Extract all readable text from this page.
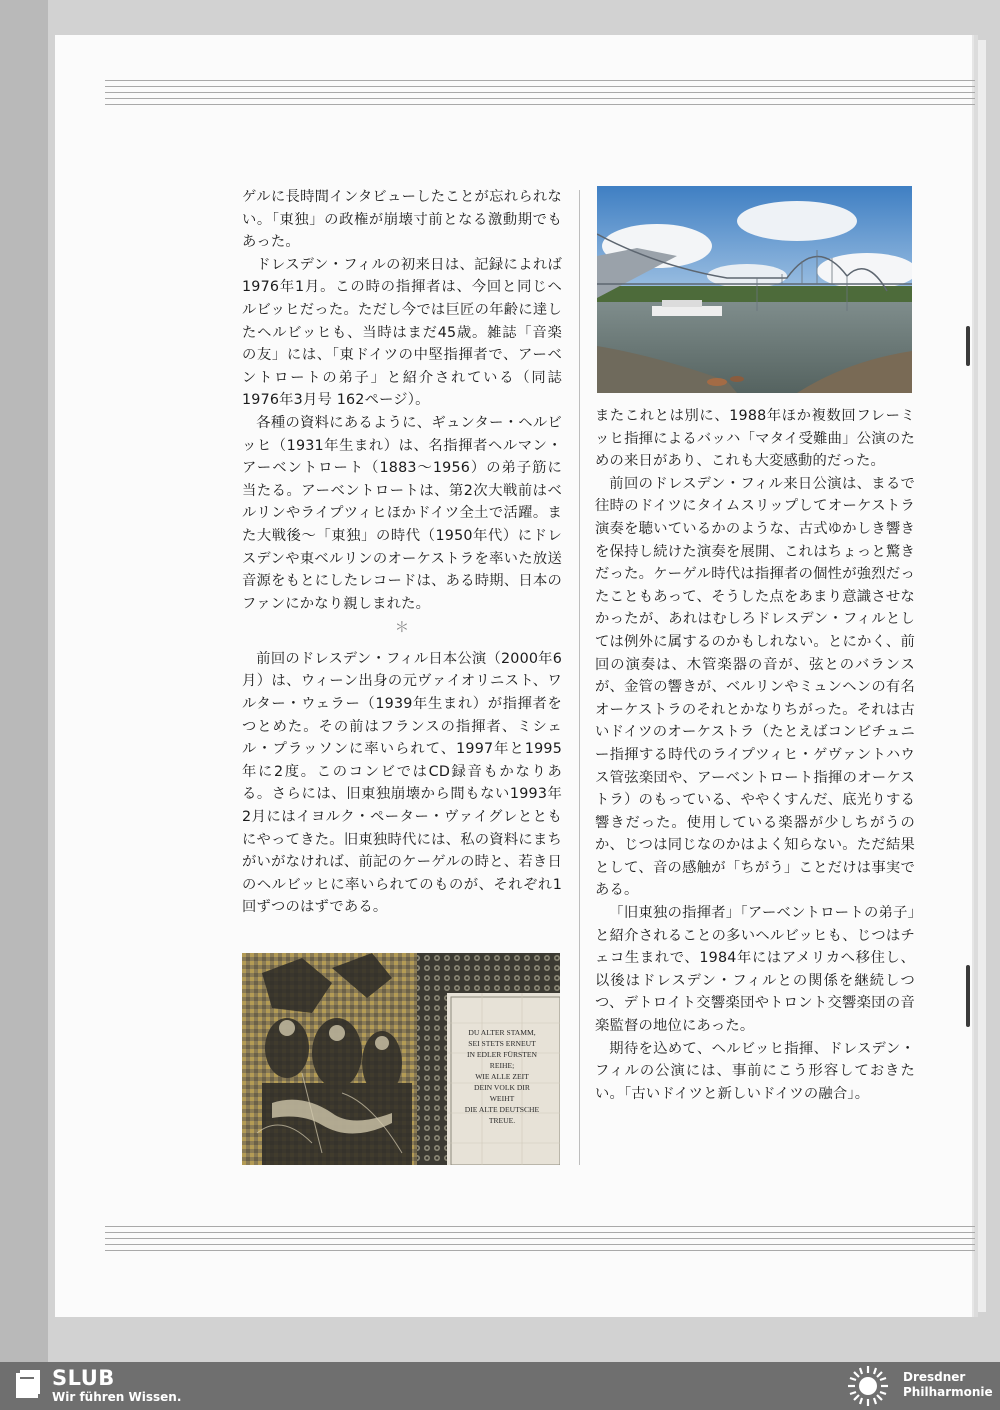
ゲルに長時間インタビューしたことが忘れられない。「東独」の政権が崩壊寸前となる激動期でもあった。

ドレスデン・フィルの初来日は、記録によれば1976年1月。この時の指揮者は、今回と同じヘルビッヒだった。ただし今では巨匠の年齢に達したヘルビッヒも、当時はまだ45歳。雑誌「音楽の友」には、「東ドイツの中堅指揮者で、アーベントロートの弟子」と紹介されている（同誌1976年3月号 162ページ）。

各種の資料にあるように、ギュンター・ヘルビッヒ（1931年生まれ）は、名指揮者ヘルマン・アーベントロート（1883〜1956）の弟子筋に当たる。アーベントロートは、第2次大戦前はベルリンやライプツィヒほかドイツ全土で活躍。また大戦後〜「東独」の時代（1950年代）にドレスデンや東ベルリンのオーケストラを率いた放送音源をもとにしたレコードは、ある時期、日本のファンにかなり親しまれた。

＊

前回のドレスデン・フィル日本公演（2000年6月）は、ウィーン出身の元ヴァイオリニスト、ワルター・ウェラー（1939年生まれ）が指揮者をつとめた。その前はフランスの指揮者、ミシェル・プラッソンに率いられて、1997年と1995年に2度。このコンビではCD録音もかなりある。さらには、旧東独崩壊から間もない1993年2月にはイヨルク・ペーター・ヴァイグレとともにやってきた。旧東独時代には、私の資料にまちがいがなければ、前記のケーゲルの時と、若き日のヘルビッヒに率いられてのものが、それぞれ1回ずつのはずである。

またこれとは別に、1988年ほか複数回フレーミッヒ指揮によるバッハ「マタイ受難曲」公演のための来日があり、これも大変感動的だった。

前回のドレスデン・フィル来日公演は、まるで往時のドイツにタイムスリップしてオーケストラ演奏を聴いているかのような、古式ゆかしき響きを保持し続けた演奏を展開、これはちょっと驚きだった。ケーゲル時代は指揮者の個性が強烈だったこともあって、そうした点をあまり意識させなかったが、あれはむしろドレスデン・フィルとしては例外に属するのかもしれない。とにかく、前回の演奏は、木管楽器の音が、弦とのバランスが、金管の響きが、ベルリンやミュンヘンの有名オーケストラのそれとかなりちがった。それは古いドイツのオーケストラ（たとえばコンビチュニー指揮する時代のライプツィヒ・ゲヴァントハウス管弦楽団や、アーベントロート指揮のオーケストラ）のもっている、ややくすんだ、底光りする響きだった。使用している楽器が少しちがうのか、じつは同じなのかはよく知らない。ただ結果として、音の感触が「ちがう」ことだけは事実である。

「旧東独の指揮者」「アーベントロートの弟子」と紹介されることの多いヘルビッヒも、じつはチェコ生まれで、1984年にはアメリカへ移住し、以後はドレスデン・フィルとの関係を継続しつつ、デトロイト交響楽団やトロント交響楽団の音楽監督の地位にあった。

期待を込めて、ヘルビッヒ指揮、ドレスデン・フィルの公演には、事前にこう形容しておきたい。「古いドイツと新しいドイツの融合」。

DU ALTER STAMM,
SEI STETS ERNEUT
IN EDLER FÜRSTEN
REIHE;
WIE ALLE ZEIT
DEIN VOLK DIR
WEIHT
DIE ALTE DEUTSCHE
TREUE.
SLUB
Wir führen Wissen.
Dresdner
Philharmonie
